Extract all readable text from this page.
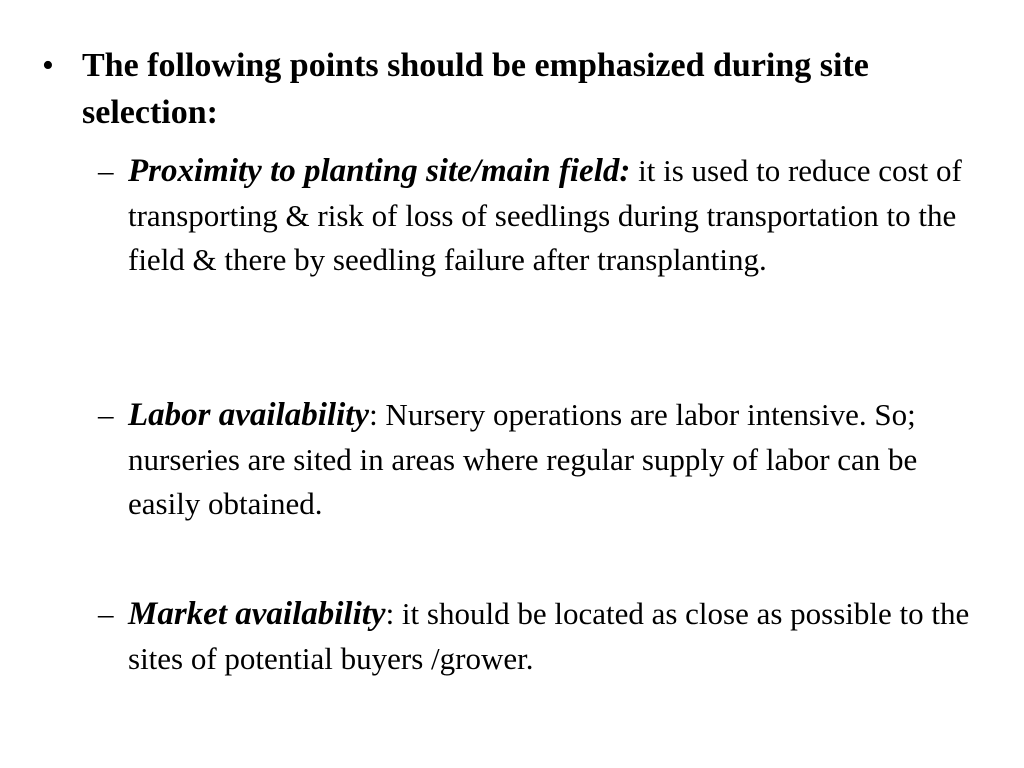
• The following points should be emphasized during site selection:
– Proximity to planting site/main field: it is used to reduce cost of transporting & risk of loss of seedlings during transportation to the field & there by seedling failure after transplanting.
– Labor availability: Nursery operations are labor intensive. So; nurseries are sited in areas where regular supply of labor can be easily obtained.
– Market availability: it should be located as close as possible to the sites of potential buyers /grower.
